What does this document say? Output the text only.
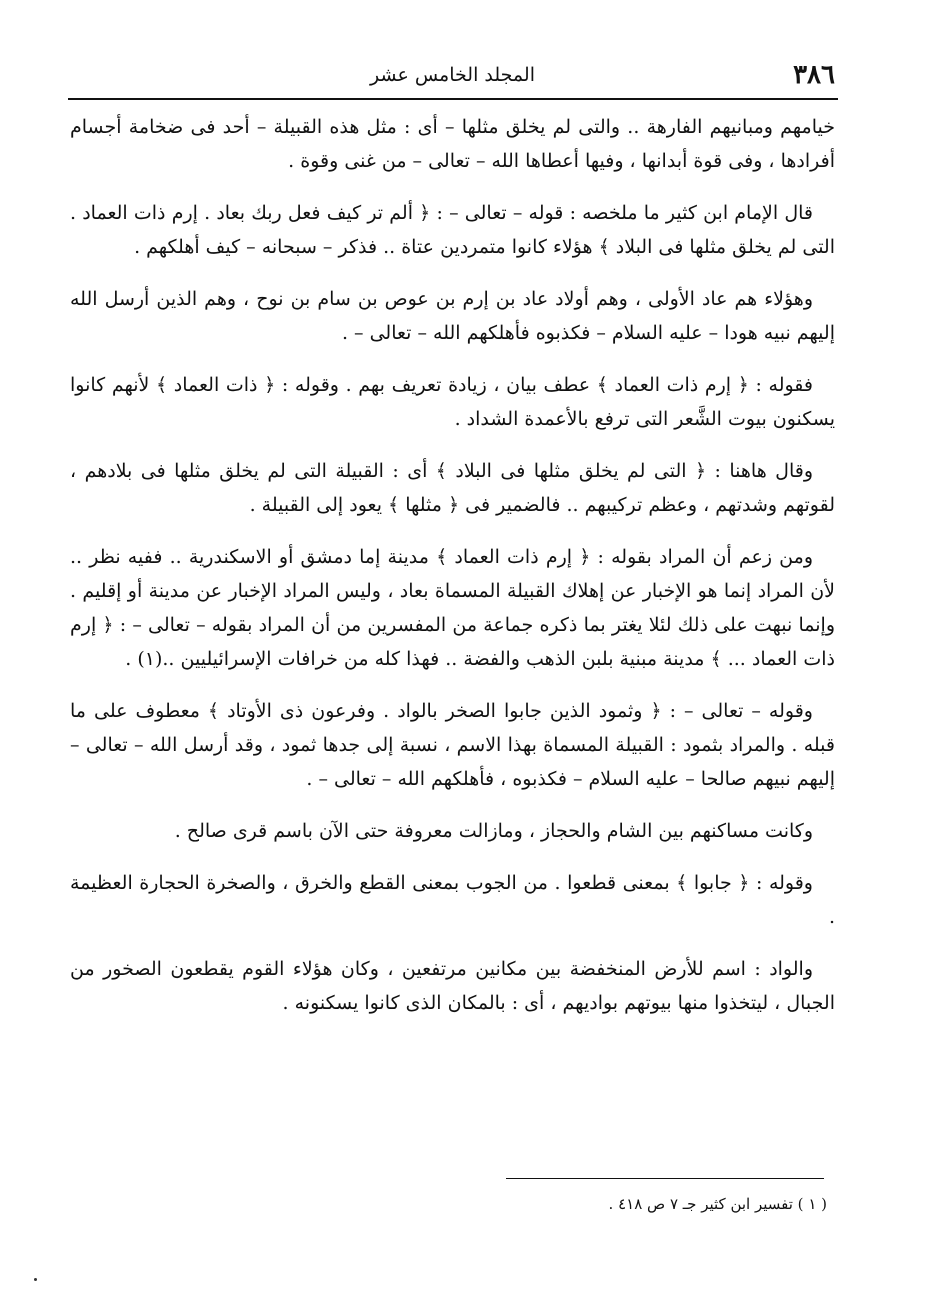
٣٨٦
المجلد الخامس عشر

خيامهم ومبانيهم الفارهة .. والتى لم يخلق مثلها – أى : مثل هذه القبيلة – أحد فى ضخامة أجسام أفرادها ، وفى قوة أبدانها ، وفيها أعطاها الله – تعالى – من غنى وقوة .

قال الإمام ابن كثير ما ملخصه : قوله – تعالى – : ﴿ ألم تر كيف فعل ربك بعاد . إرم ذات العماد . التى لم يخلق مثلها فى البلاد ﴾ هؤلاء كانوا متمردين عتاة .. فذكر – سبحانه – كيف أهلكهم .

وهؤلاء هم عاد الأولى ، وهم أولاد عاد بن إرم بن عوص بن سام بن نوح ، وهم الذين أرسل الله إليهم نبيه هودا – عليه السلام – فكذبوه فأهلكهم الله – تعالى – .

فقوله : ﴿ إرم ذات العماد ﴾ عطف بيان ، زيادة تعريف بهم . وقوله : ﴿ ذات العماد ﴾ لأنهم كانوا يسكنون بيوت الشَّعر التى ترفع بالأعمدة الشداد .

وقال هاهنا : ﴿ التى لم يخلق مثلها فى البلاد ﴾ أى : القبيلة التى لم يخلق مثلها فى بلادهم ، لقوتهم وشدتهم ، وعظم تركيبهم .. فالضمير فى ﴿ مثلها ﴾ يعود إلى القبيلة .

ومن زعم أن المراد بقوله : ﴿ إرم ذات العماد ﴾ مدينة إما دمشق أو الاسكندرية .. ففيه نظر .. لأن المراد إنما هو الإخبار عن إهلاك القبيلة المسماة بعاد ، وليس المراد الإخبار عن مدينة أو إقليم . وإنما نبهت على ذلك لئلا يغتر بما ذكره جماعة من المفسرين من أن المراد بقوله – تعالى – : ﴿ إرم ذات العماد ... ﴾ مدينة مبنية بلبن الذهب والفضة .. فهذا كله من خرافات الإسرائيليين ..(١) .

وقوله – تعالى – : ﴿ وثمود الذين جابوا الصخر بالواد . وفرعون ذى الأوتاد ﴾ معطوف على ما قبله . والمراد بثمود : القبيلة المسماة بهذا الاسم ، نسبة إلى جدها ثمود ، وقد أرسل الله – تعالى – إليهم نبيهم صالحا – عليه السلام – فكذبوه ، فأهلكهم الله – تعالى – .

وكانت مساكنهم بين الشام والحجاز ، ومازالت معروفة حتى الآن باسم قرى صالح .

وقوله : ﴿ جابوا ﴾ بمعنى قطعوا . من الجوب بمعنى القطع والخرق ، والصخرة الحجارة العظيمة .

والواد : اسم للأرض المنخفضة بين مكانين مرتفعين ، وكان هؤلاء القوم يقطعون الصخور من الجبال ، ليتخذوا منها بيوتهم بواديهم ، أى : بالمكان الذى كانوا يسكنونه .

( ١ ) تفسير ابن كثير جـ ٧ ص ٤١٨ .
